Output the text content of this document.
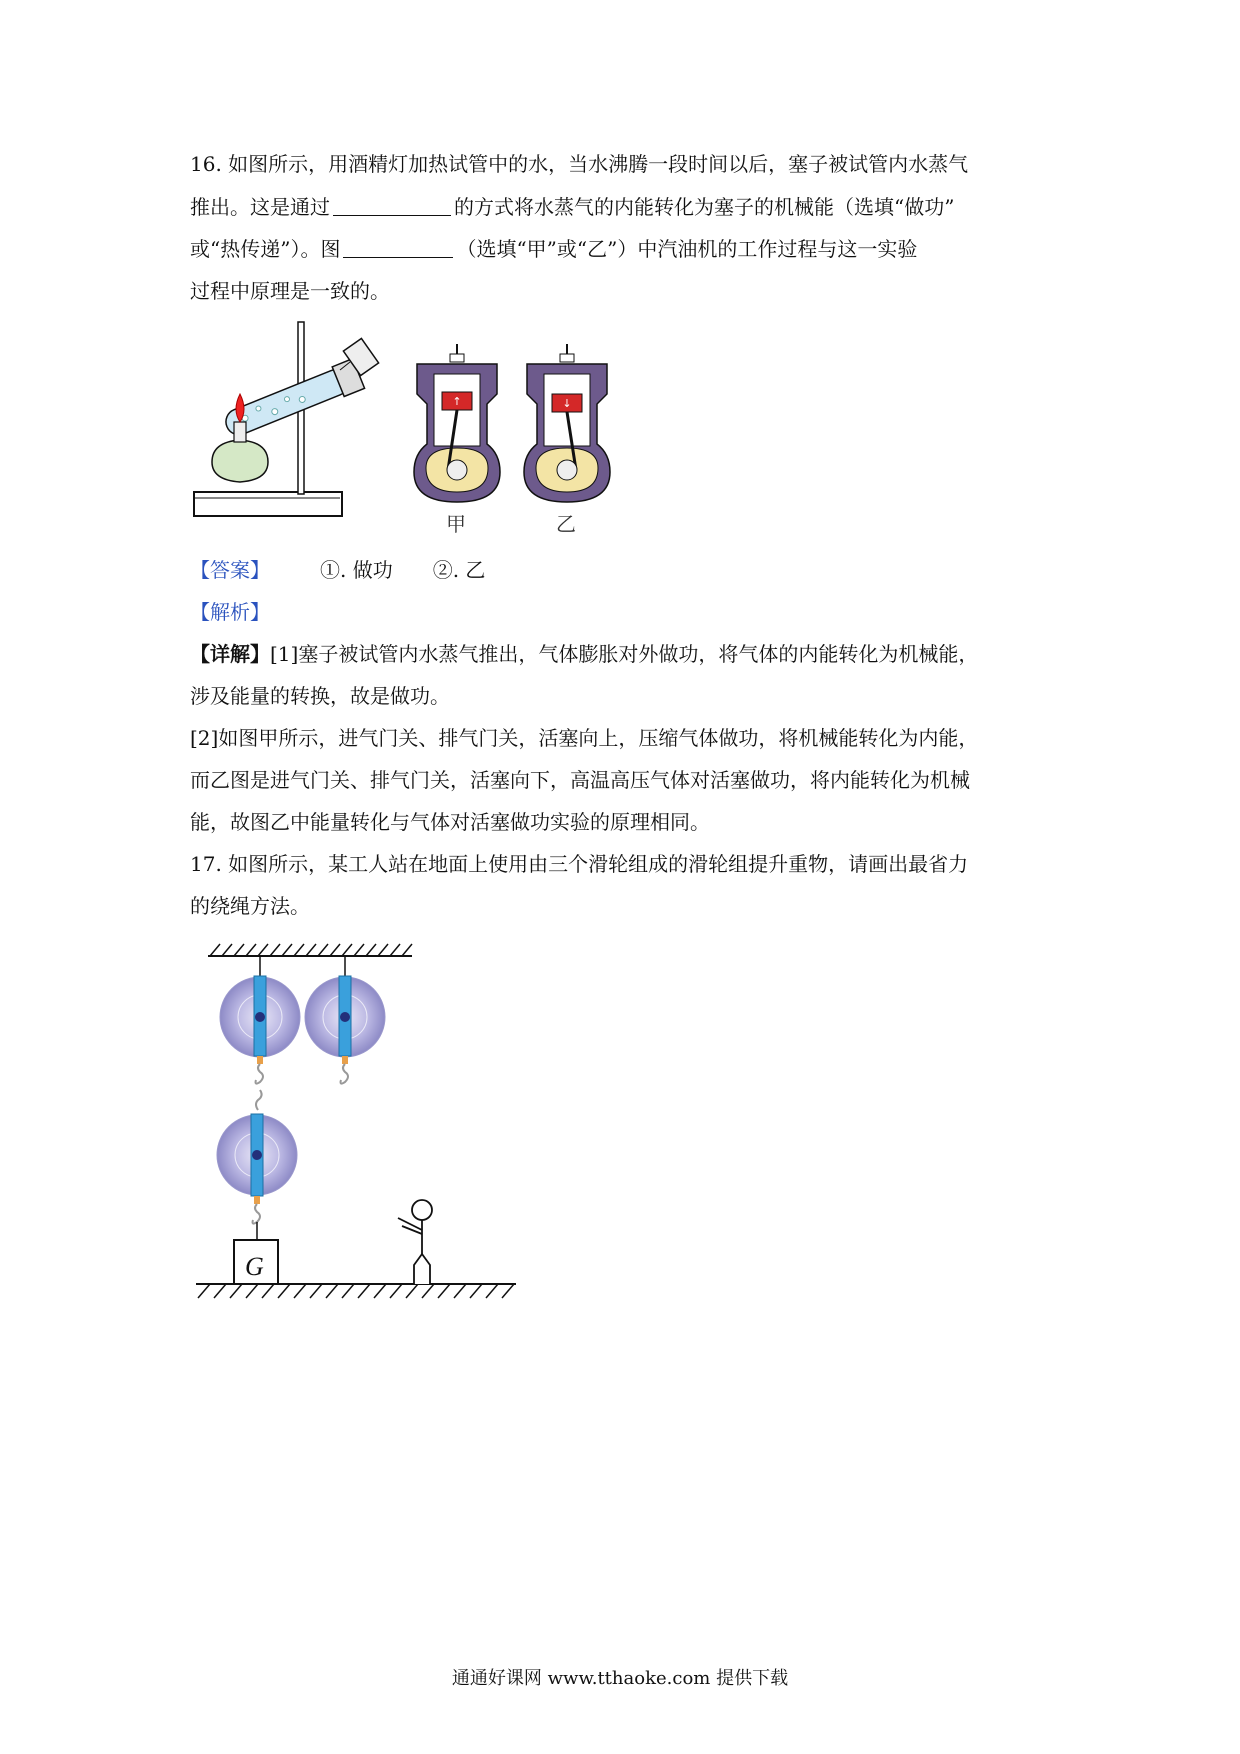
16. 如图所示，用酒精灯加热试管中的水，当水沸腾一段时间以后，塞子被试管内水蒸气
推出。这是通过	的方式将水蒸气的内能转化为塞子的机械能（选填“做功”
或“热传递”）。图	（选填“甲”或“乙”）中汽油机的工作过程与这一实验
过程中原理是一致的。
↑
甲
↓
乙
【答案】	①. 做功 ②. 乙
【解析】
【详解】[1]塞子被试管内水蒸气推出，气体膨胀对外做功，将气体的内能转化为机械能，
涉及能量的转换，故是做功。
[2]如图甲所示，进气门关、排气门关，活塞向上，压缩气体做功，将机械能转化为内能，
而乙图是进气门关、排气门关，活塞向下，高温高压气体对活塞做功，将内能转化为机械
能，故图乙中能量转化与气体对活塞做功实验的原理相同。
17. 如图所示，某工人站在地面上使用由三个滑轮组成的滑轮组提升重物，请画出最省力
的绕绳方法。
G
通通好课网 www.tthaoke.com 提供下载
